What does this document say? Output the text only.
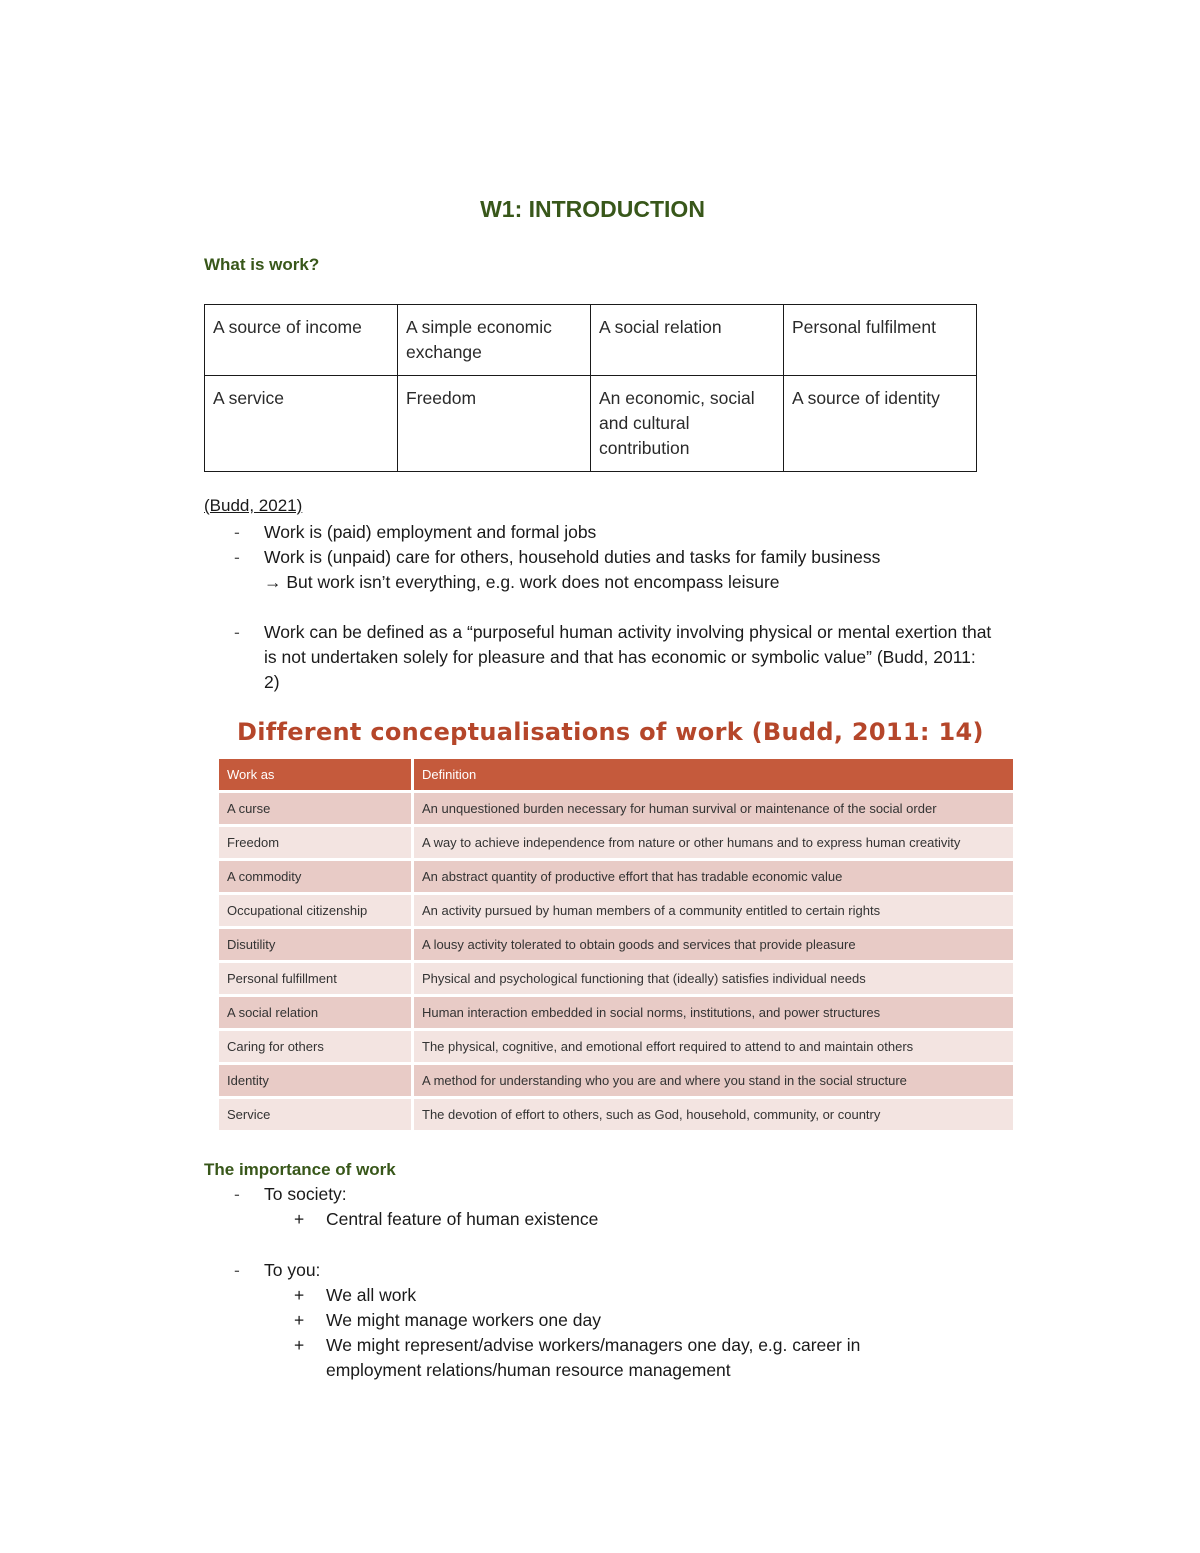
W1: INTRODUCTION
What is work?
A source of income	A simple economic exchange	A social relation	Personal fulfilment
A service	Freedom	An economic, social and cultural contribution	A source of identity
(Budd, 2021)
- Work is (paid) employment and formal jobs
- Work is (unpaid) care for others, household duties and tasks for family business
→ But work isn’t everything, e.g. work does not encompass leisure
- Work can be defined as a “purposeful human activity involving physical or mental exertion that is not undertaken solely for pleasure and that has economic or symbolic value” (Budd, 2011: 2)
Different conceptualisations of work (Budd, 2011: 14)
Work as	Definition
A curse	An unquestioned burden necessary for human survival or maintenance of the social order
Freedom	A way to achieve independence from nature or other humans and to express human creativity
A commodity	An abstract quantity of productive effort that has tradable economic value
Occupational citizenship	An activity pursued by human members of a community entitled to certain rights
Disutility	A lousy activity tolerated to obtain goods and services that provide pleasure
Personal fulfillment	Physical and psychological functioning that (ideally) satisfies individual needs
A social relation	Human interaction embedded in social norms, institutions, and power structures
Caring for others	The physical, cognitive, and emotional effort required to attend to and maintain others
Identity	A method for understanding who you are and where you stand in the social structure
Service	The devotion of effort to others, such as God, household, community, or country
The importance of work
- To society:
+ Central feature of human existence
- To you:
+ We all work
+ We might manage workers one day
+ We might represent/advise workers/managers one day, e.g. career in employment relations/human resource management
